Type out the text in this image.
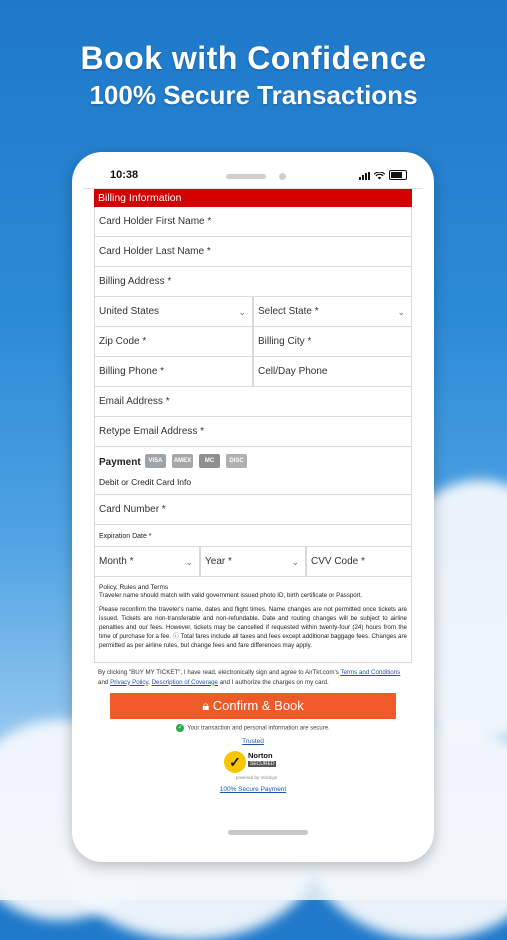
Book with Confidence
100% Secure Transactions
10:38
Billing Information
Card Holder First Name *
Card Holder Last Name *
Billing Address *
United States	⌄	Select State *	⌄
Zip Code *	Billing City *
Billing Phone *	Cell/Day Phone
Email Address *
Retype Email Address *
Payment	VISA	AMEX	MC	DISC
Debit or Credit Card Info
Card Number *
Expiration Date *
Month *	⌄	Year *	⌄	CVV Code *

Policy, Rules and Terms

Traveler name should match with valid government issued photo ID, birth certificate or Passport.

Please reconfirm the traveler's name, dates and flight times. Name changes are not permitted once tickets are issued. Tickets are non-transferable and non-refundable. Date and routing changes will be subject to airline penalties and our fees. However, tickets may be cancelled if requested within twenty-four (24) hours from the time of purchase for a fee. ⓘ Total fares include all taxes and fees except additional baggage fees. Changes are permitted as per airline rules, but change fees and fare differences may apply.

By clicking "BUY MY TICKET", I have read, electronically sign and agree to AirTkt.com's Terms and Conditions and Privacy Policy, Description of Coverage and I authorize the charges on my card.
🔒︎ Confirm & Book
✓ Your transaction and personal information are secure.
Trusted
✓ Norton
SECURED
powered by VeriSign
100% Secure Payment
